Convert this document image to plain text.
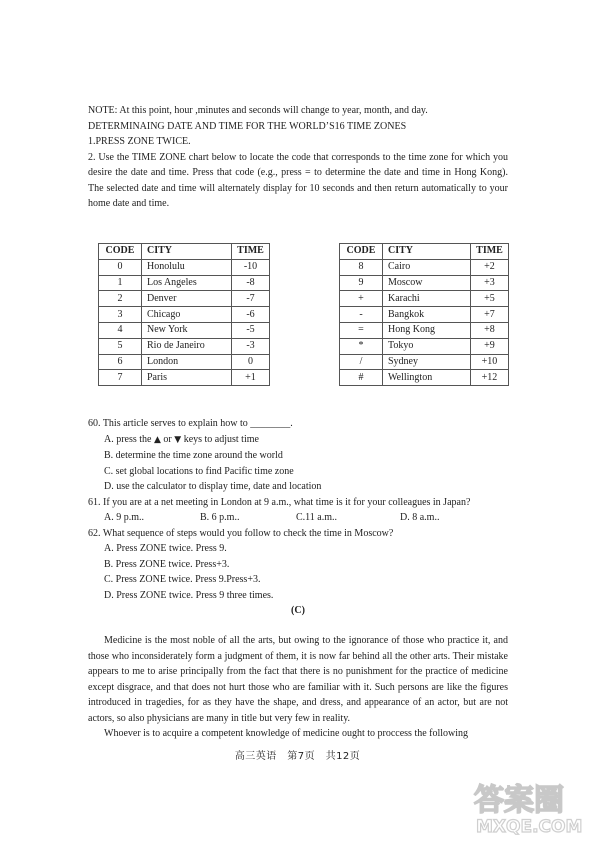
NOTE: At this point, hour ,minutes and seconds will change to year, month, and day.

DETERMINAING DATE AND TIME FOR THE WORLD’S16 TIME ZONES

1.PRESS ZONE TWICE.

2. Use the TIME ZONE chart below to locate the code that corresponds to the time zone for which you desire the date and time. Press that code (e.g., press = to determine the date and time in Hong Kong). The selected date and time will alternately display for 10 seconds and then return automatically to your home date and time.

CODE	CITY	TIME
0	Honolulu	-10
1	Los Angeles	-8
2	Denver	-7
3	Chicago	-6
4	New York	-5
5	Rio de Janeiro	-3
6	London	0
7	Paris	+1
CODE	CITY	TIME
8	Cairo	+2
9	Moscow	+3
+	Karachi	+5
-	Bangkok	+7
=	Hong Kong	+8
*	Tokyo	+9
/	Sydney	+10
#	Wellington	+12

60. This article serves to explain how to ________.

A. press the ▲ or ▼ keys to adjust time

B. determine the time zone around the world

C. set global locations to find Pacific time zone

D. use the calculator to display time, date and location

61. If you are at a net meeting in London at 9 a.m., what time is it for your colleagues in Japan?

A. 9 p.m..	B. 6 p.m..	C.11 a.m..	D. 8 a.m..

62. What sequence of steps would you follow to check the time in Moscow?

A. Press ZONE twice. Press 9.

B. Press ZONE twice. Press+3.

C. Press ZONE twice. Press 9.Press+3.

D. Press ZONE twice. Press 9 three times.

(C)

Medicine is the most noble of all the arts, but owing to the ignorance of those who practice it, and those who inconsiderately form a judgment of them, it is now far behind all the other arts. Their mistake appears to me to arise principally from the fact that there is no punishment for the practice of medicine except disgrace, and that does not hurt those who are familiar with it. Such persons are like the figures introduced in tragedies, for as they have the shape, and dress, and appearance of an actor, but are not actors, so also physicians are many in title but very few in reality.

Whoever is to acquire a competent knowledge of medicine ought to proccess the following

高三英语　第7页　共12页
答案圈
MXQE.COM
